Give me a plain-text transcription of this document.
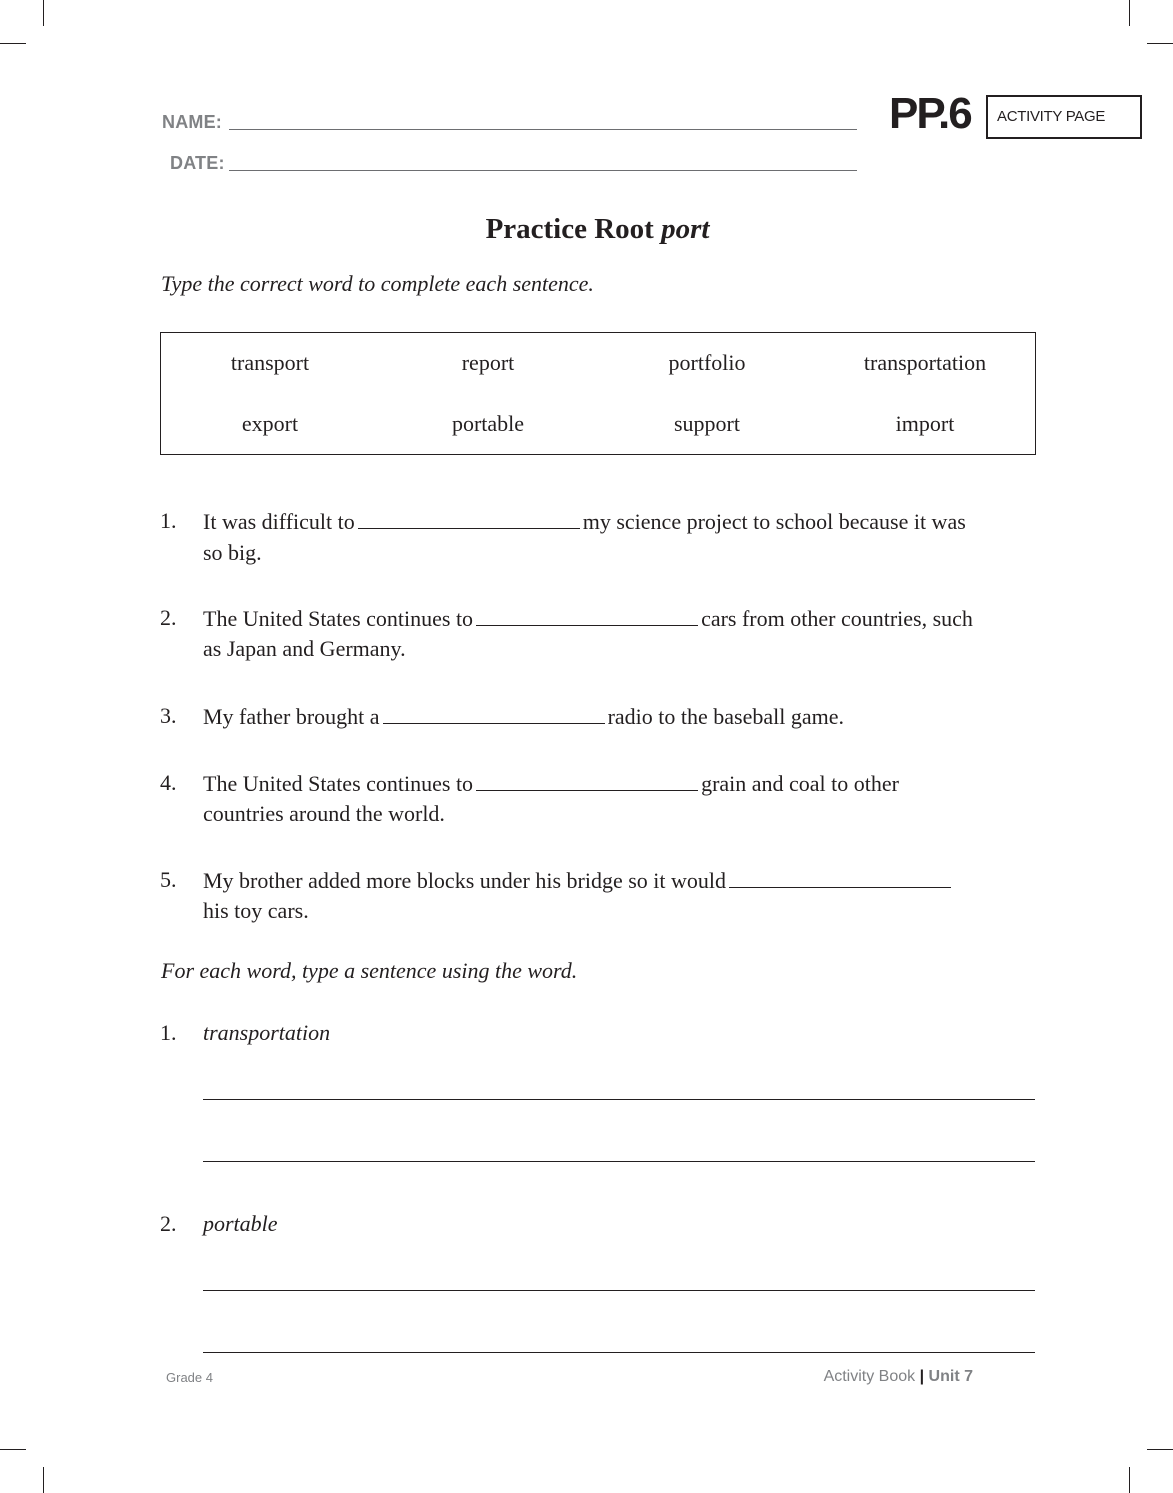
NAME:
DATE:
PP.6	ACTIVITY PAGE
Practice Root port
Type the correct word to complete each sentence.
transport	report	portfolio	transportation
export	portable	support	import
1. It was difficult to	my science project to school because it was
so big.
2. The United States continues to	cars from other countries, such
as Japan and Germany.
3. My father brought a	radio to the baseball game.
4. The United States continues to	grain and coal to other
countries around the world.
5. My brother added more blocks under his bridge so it would
his toy cars.
For each word, type a sentence using the word.
1. transportation
2. portable
Grade 4	Activity Book | Unit 7
